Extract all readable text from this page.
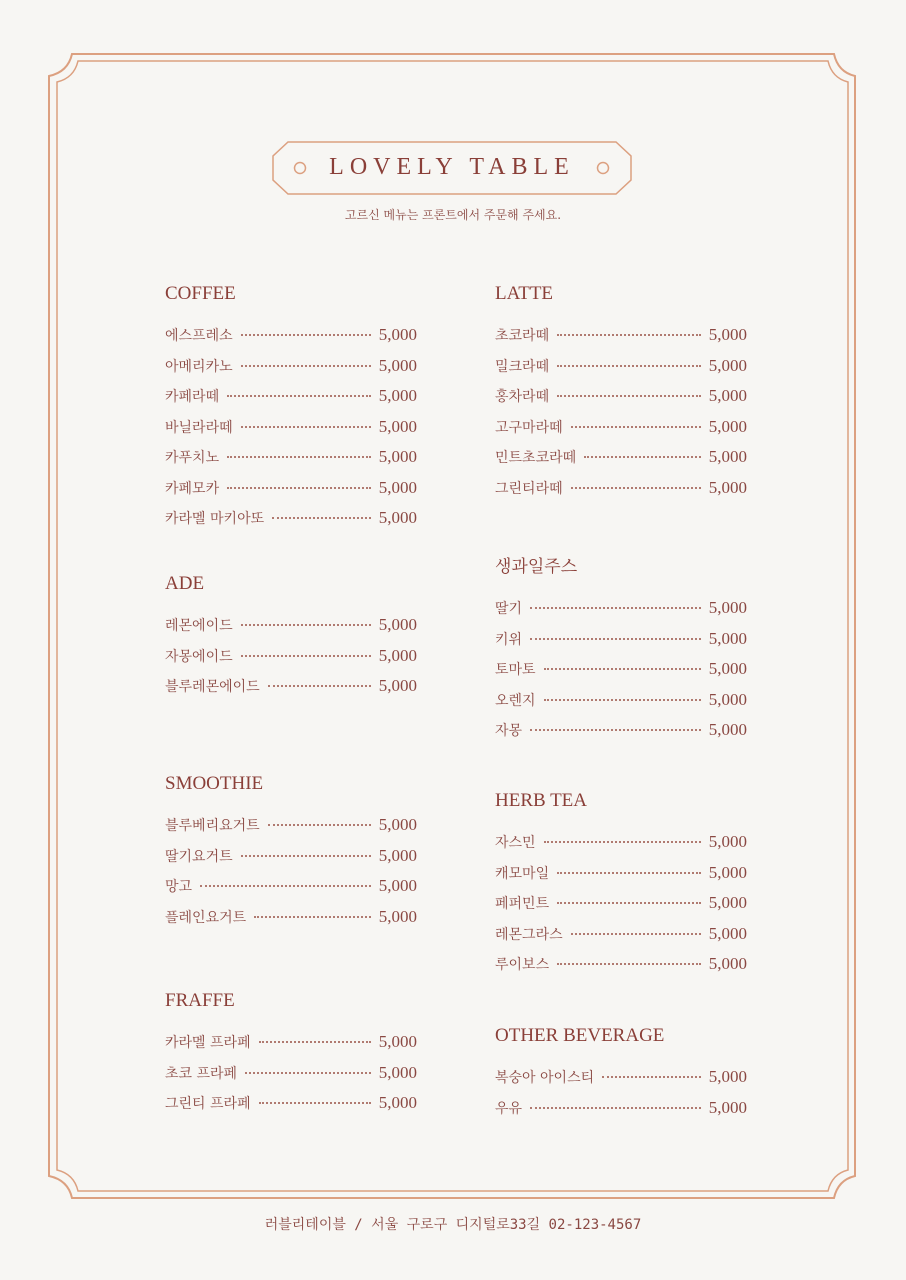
LOVELY TABLE
고르신 메뉴는 프론트에서 주문해 주세요.
COFFEE
에스프레소	5,000
아메리카노	5,000
카페라떼	5,000
바닐라라떼	5,000
카푸치노	5,000
카페모카	5,000
카라멜 마키아또	5,000
ADE
레몬에이드	5,000
자몽에이드	5,000
블루레몬에이드	5,000
SMOOTHIE
블루베리요거트	5,000
딸기요거트	5,000
망고	5,000
플레인요거트	5,000
FRAFFE
카라멜 프라페	5,000
초코 프라페	5,000
그린티 프라페	5,000
LATTE
초코라떼	5,000
밀크라떼	5,000
홍차라떼	5,000
고구마라떼	5,000
민트초코라떼	5,000
그린티라떼	5,000
생과일주스
딸기	5,000
키위	5,000
토마토	5,000
오렌지	5,000
자몽	5,000
HERB TEA
자스민	5,000
캐모마일	5,000
페퍼민트	5,000
레몬그라스	5,000
루이보스	5,000
OTHER BEVERAGE
복숭아 아이스티	5,000
우유	5,000
러블리테이블 / 서울 구로구 디지털로33길 02-123-4567
